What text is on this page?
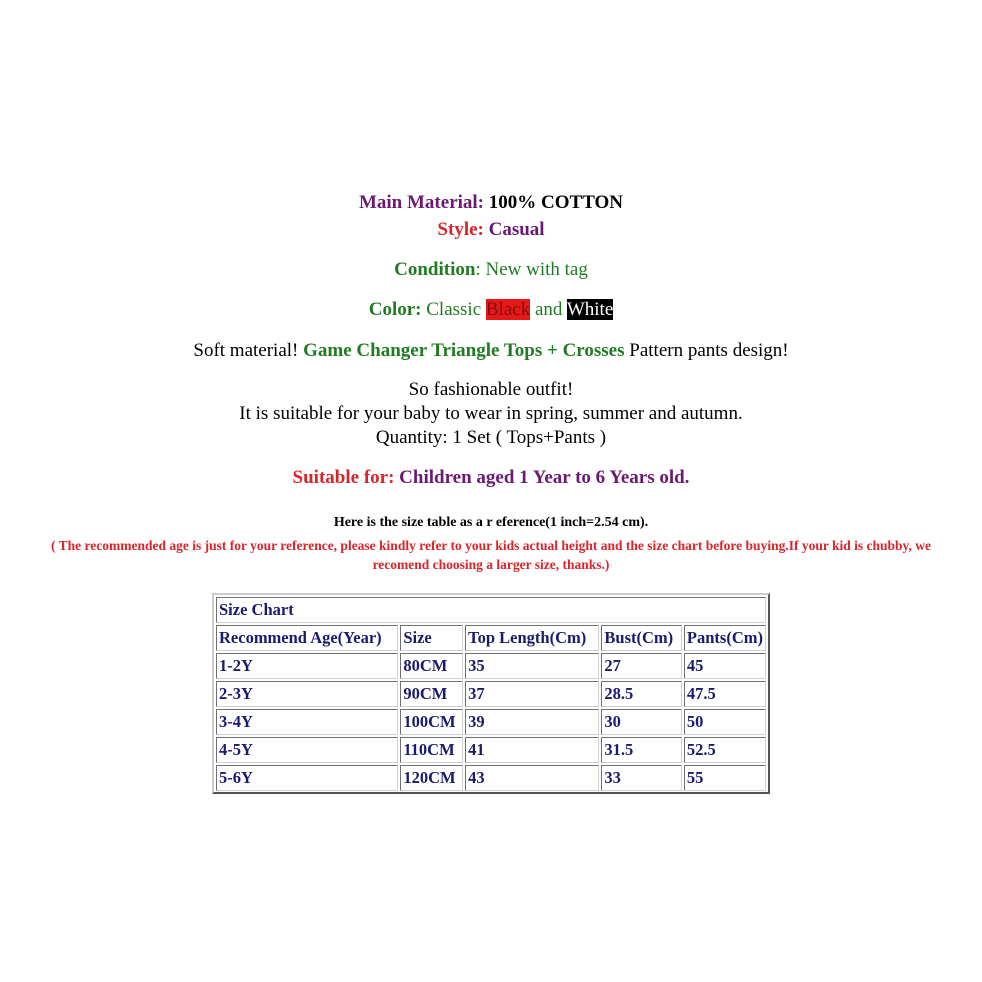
Main Material: 100% COTTON
Style: Casual
Condition: New with tag
Color: Classic Black and White
Soft material! Game Changer Triangle Tops + Crosses Pattern pants design!
So fashionable outfit!
It is suitable for your baby to wear in spring, summer and autumn.
Quantity: 1 Set ( Tops+Pants )
Suitable for: Children aged 1 Year to 6 Years old.
Here is the size table as a r eference(1 inch=2.54 cm).
( The recommended age is just for your reference, please kindly refer to your kids actual height and the size chart before buying.If your kid is chubby, we recomend choosing a larger size, thanks.)
Size Chart				
Recommend Age(Year)	Size	Top Length(Cm)	Bust(Cm)	Pants(Cm)
1-2Y	80CM	35	27	45
2-3Y	90CM	37	28.5	47.5
3-4Y	100CM	39	30	50
4-5Y	110CM	41	31.5	52.5
5-6Y	120CM	43	33	55
